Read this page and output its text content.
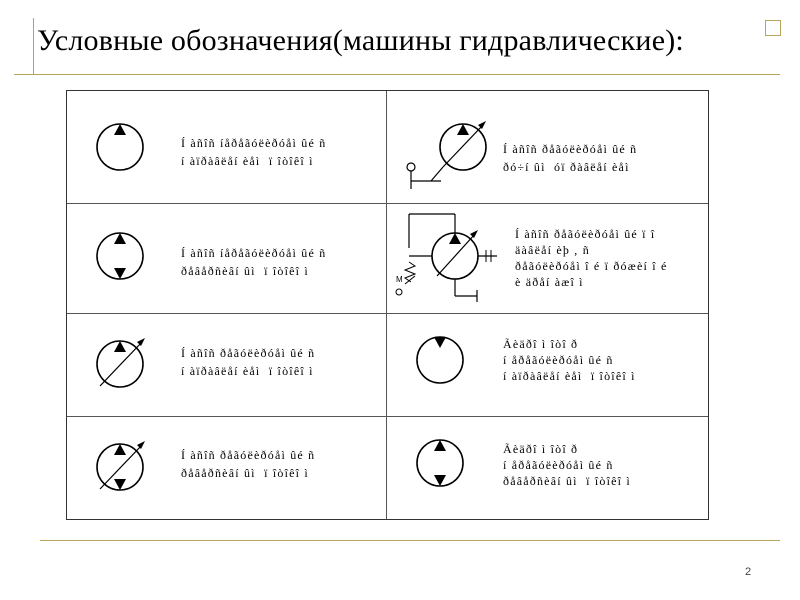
Условные обозначения(машины гидравлические):
Í àñîñ íåðåãóëèðóåì ûé ñ
í àïðàâëåí èåì  ï îòîêî ì
Í àñîñ ðåãóëèðóåì ûé ñ
ðó÷í ûì  óï ðàâëåí èåì
Í àñîñ íåðåãóëèðóåì ûé ñ
ðåâåðñèâí ûì  ï îòîêî ì
M
Í àñîñ ðåãóëèðóåì ûé ï î
äàâëåí èþ , ñ
ðåãóëèðóåì î é ï ðóæèí î é
è äðåí àæî ì
Í àñîñ ðåãóëèðóåì ûé ñ
í àïðàâëåí èåì  ï îòîêî ì
Ãèäðî ì îòî ð
í åðåãóëèðóåì ûé ñ
í àïðàâëåí èåì  ï îòîêî ì
Í àñîñ ðåãóëèðóåì ûé ñ
ðåâåðñèâí ûì  ï îòîêî ì
Ãèäðî ì îòî ð
í åðåãóëèðóåì ûé ñ
ðåâåðñèâí ûì  ï îòîêî ì
2
